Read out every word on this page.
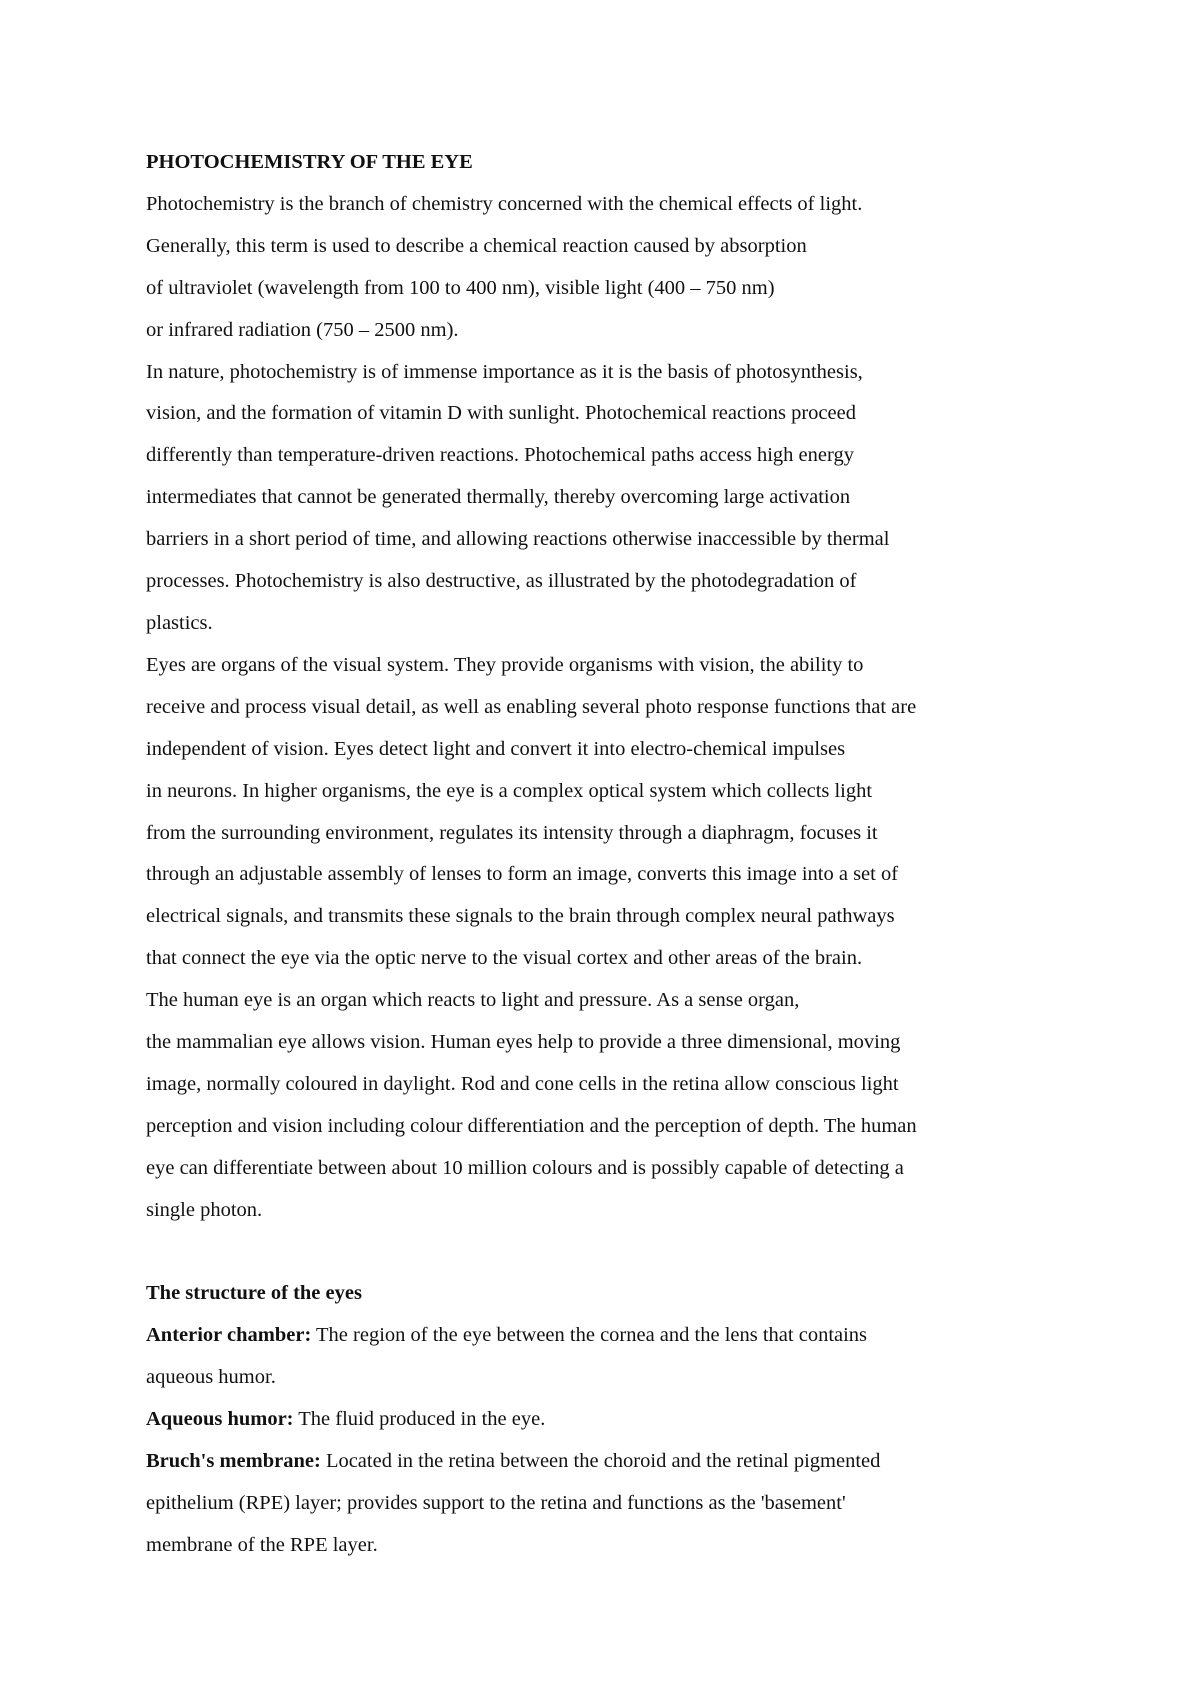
PHOTOCHEMISTRY OF THE EYE
Photochemistry is the branch of chemistry concerned with the chemical effects of light.
Generally, this term is used to describe a chemical reaction caused by absorption
of ultraviolet (wavelength from 100 to 400 nm), visible light (400 – 750 nm)
or infrared radiation (750 – 2500 nm).
In nature, photochemistry is of immense importance as it is the basis of photosynthesis,
vision, and the formation of vitamin D with sunlight. Photochemical reactions proceed
differently than temperature-driven reactions. Photochemical paths access high energy
intermediates that cannot be generated thermally, thereby overcoming large activation
barriers in a short period of time, and allowing reactions otherwise inaccessible by thermal
processes. Photochemistry is also destructive, as illustrated by the photodegradation of
plastics.
Eyes are organs of the visual system. They provide organisms with vision, the ability to
receive and process visual detail, as well as enabling several photo response functions that are
independent of vision. Eyes detect light and convert it into electro-chemical impulses
in neurons. In higher organisms, the eye is a complex optical system which collects light
from the surrounding environment, regulates its intensity through a diaphragm, focuses it
through an adjustable assembly of lenses to form an image, converts this image into a set of
electrical signals, and transmits these signals to the brain through complex neural pathways
that connect the eye via the optic nerve to the visual cortex and other areas of the brain.
The human eye is an organ which reacts to light and pressure. As a sense organ,
the mammalian eye allows vision. Human eyes help to provide a three dimensional, moving
image, normally coloured in daylight. Rod and cone cells in the retina allow conscious light
perception and vision including colour differentiation and the perception of depth. The human
eye can differentiate between about 10 million colours and is possibly capable of detecting a
single photon.
The structure of the eyes
Anterior chamber: The region of the eye between the cornea and the lens that contains
aqueous humor.
Aqueous humor: The fluid produced in the eye.
Bruch's membrane: Located in the retina between the choroid and the retinal pigmented
epithelium (RPE) layer; provides support to the retina and functions as the 'basement'
membrane of the RPE layer.
